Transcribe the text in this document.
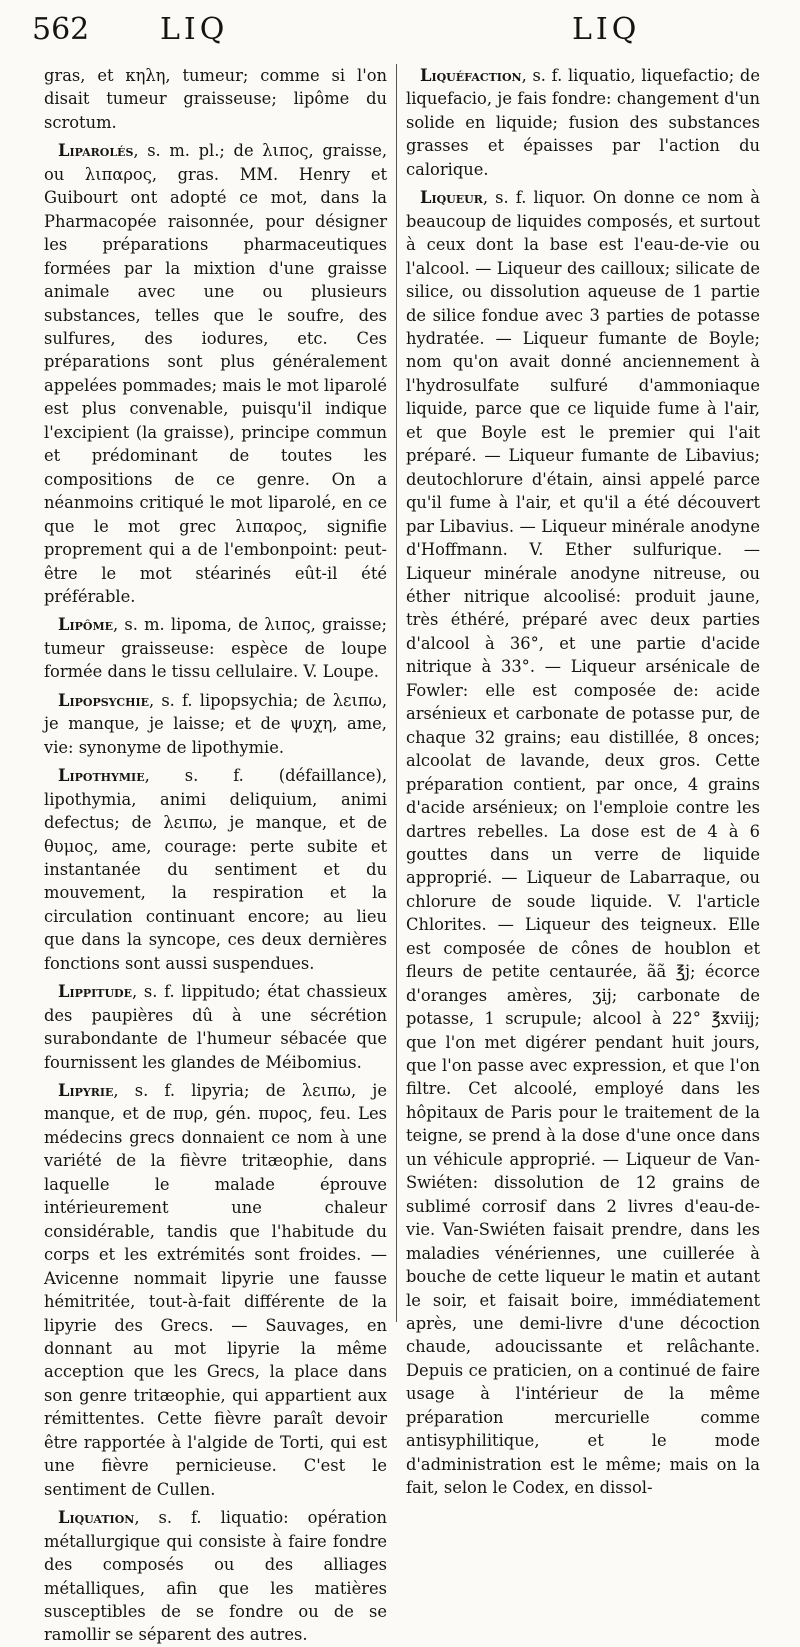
562 LIQ	LIQ

gras, et κηλη, tumeur; comme si l'on disait tumeur graisseuse; lipôme du scrotum.

Liparolés, s. m. pl.; de λιπος, graisse, ou λιπαρος, gras. MM. Henry et Guibourt ont adopté ce mot, dans la Pharmacopée raisonnée, pour désigner les préparations pharmaceutiques formées par la mixtion d'une graisse animale avec une ou plusieurs substances, telles que le soufre, des sulfures, des iodures, etc. Ces préparations sont plus généralement appelées pommades; mais le mot liparolé est plus convenable, puisqu'il indique l'excipient (la graisse), principe commun et prédominant de toutes les compositions de ce genre. On a néanmoins critiqué le mot liparolé, en ce que le mot grec λιπαρος, signifie proprement qui a de l'embonpoint: peut-être le mot stéarinés eût-il été préférable.

Lipôme, s. m. lipoma, de λιπος, graisse; tumeur graisseuse: espèce de loupe formée dans le tissu cellulaire. V. Loupe.

Lipopsychie, s. f. lipopsychia; de λειπω, je manque, je laisse; et de ψυχη, ame, vie: synonyme de lipothymie.

Lipothymie, s. f. (défaillance), lipothymia, animi deliquium, animi defectus; de λειπω, je manque, et de θυμος, ame, courage: perte subite et instantanée du sentiment et du mouvement, la respiration et la circulation continuant encore; au lieu que dans la syncope, ces deux dernières fonctions sont aussi suspendues.

Lippitude, s. f. lippitudo; état chassieux des paupières dû à une sécrétion surabondante de l'humeur sébacée que fournissent les glandes de Méibomius.

Lipyrie, s. f. lipyria; de λειπω, je manque, et de πυρ, gén. πυρος, feu. Les médecins grecs donnaient ce nom à une variété de la fièvre tritæophie, dans laquelle le malade éprouve intérieurement une chaleur considérable, tandis que l'habitude du corps et les extrémités sont froides. — Avicenne nommait lipyrie une fausse hémitritée, tout-à-fait différente de la lipyrie des Grecs. — Sauvages, en donnant au mot lipyrie la même acception que les Grecs, la place dans son genre tritæophie, qui appartient aux rémittentes. Cette fièvre paraît devoir être rapportée à l'algide de Torti, qui est une fièvre pernicieuse. C'est le sentiment de Cullen.

Liquation, s. f. liquatio: opération métallurgique qui consiste à faire fondre des composés ou des alliages métalliques, afin que les matières susceptibles de se fondre ou de se ramollir se séparent des autres.

Liquéfaction, s. f. liquatio, liquefactio; de liquefacio, je fais fondre: changement d'un solide en liquide; fusion des substances grasses et épaisses par l'action du calorique.

Liqueur, s. f. liquor. On donne ce nom à beaucoup de liquides composés, et surtout à ceux dont la base est l'eau-de-vie ou l'alcool. — Liqueur des cailloux; silicate de silice, ou dissolution aqueuse de 1 partie de silice fondue avec 3 parties de potasse hydratée. — Liqueur fumante de Boyle; nom qu'on avait donné anciennement à l'hydrosulfate sulfuré d'ammoniaque liquide, parce que ce liquide fume à l'air, et que Boyle est le premier qui l'ait préparé. — Liqueur fumante de Libavius; deutochlorure d'étain, ainsi appelé parce qu'il fume à l'air, et qu'il a été découvert par Libavius. — Liqueur minérale anodyne d'Hoffmann. V. Ether sulfurique. — Liqueur minérale anodyne nitreuse, ou éther nitrique alcoolisé: produit jaune, très éthéré, préparé avec deux parties d'alcool à 36°, et une partie d'acide nitrique à 33°. — Liqueur arsénicale de Fowler: elle est composée de: acide arsénieux et carbonate de potasse pur, de chaque 32 grains; eau distillée, 8 onces; alcoolat de lavande, deux gros. Cette préparation contient, par once, 4 grains d'acide arsénieux; on l'emploie contre les dartres rebelles. La dose est de 4 à 6 gouttes dans un verre de liquide approprié. — Liqueur de Labarraque, ou chlorure de soude liquide. V. l'article Chlorites. — Liqueur des teigneux. Elle est composée de cônes de houblon et fleurs de petite centaurée, ãã ℥j; écorce d'oranges amères, ʒij; carbonate de potasse, 1 scrupule; alcool à 22° ℥xviij; que l'on met digérer pendant huit jours, que l'on passe avec expression, et que l'on filtre. Cet alcoolé, employé dans les hôpitaux de Paris pour le traitement de la teigne, se prend à la dose d'une once dans un véhicule approprié. — Liqueur de Van-Swiéten: dissolution de 12 grains de sublimé corrosif dans 2 livres d'eau-de-vie. Van-Swiéten faisait prendre, dans les maladies vénériennes, une cuillerée à bouche de cette liqueur le matin et autant le soir, et faisait boire, immédiatement après, une demi-livre d'une décoction chaude, adoucissante et relâchante. Depuis ce praticien, on a continué de faire usage à l'intérieur de la même préparation mercurielle comme antisyphilitique, et le mode d'administration est le même; mais on la fait, selon le Codex, en dissol-
